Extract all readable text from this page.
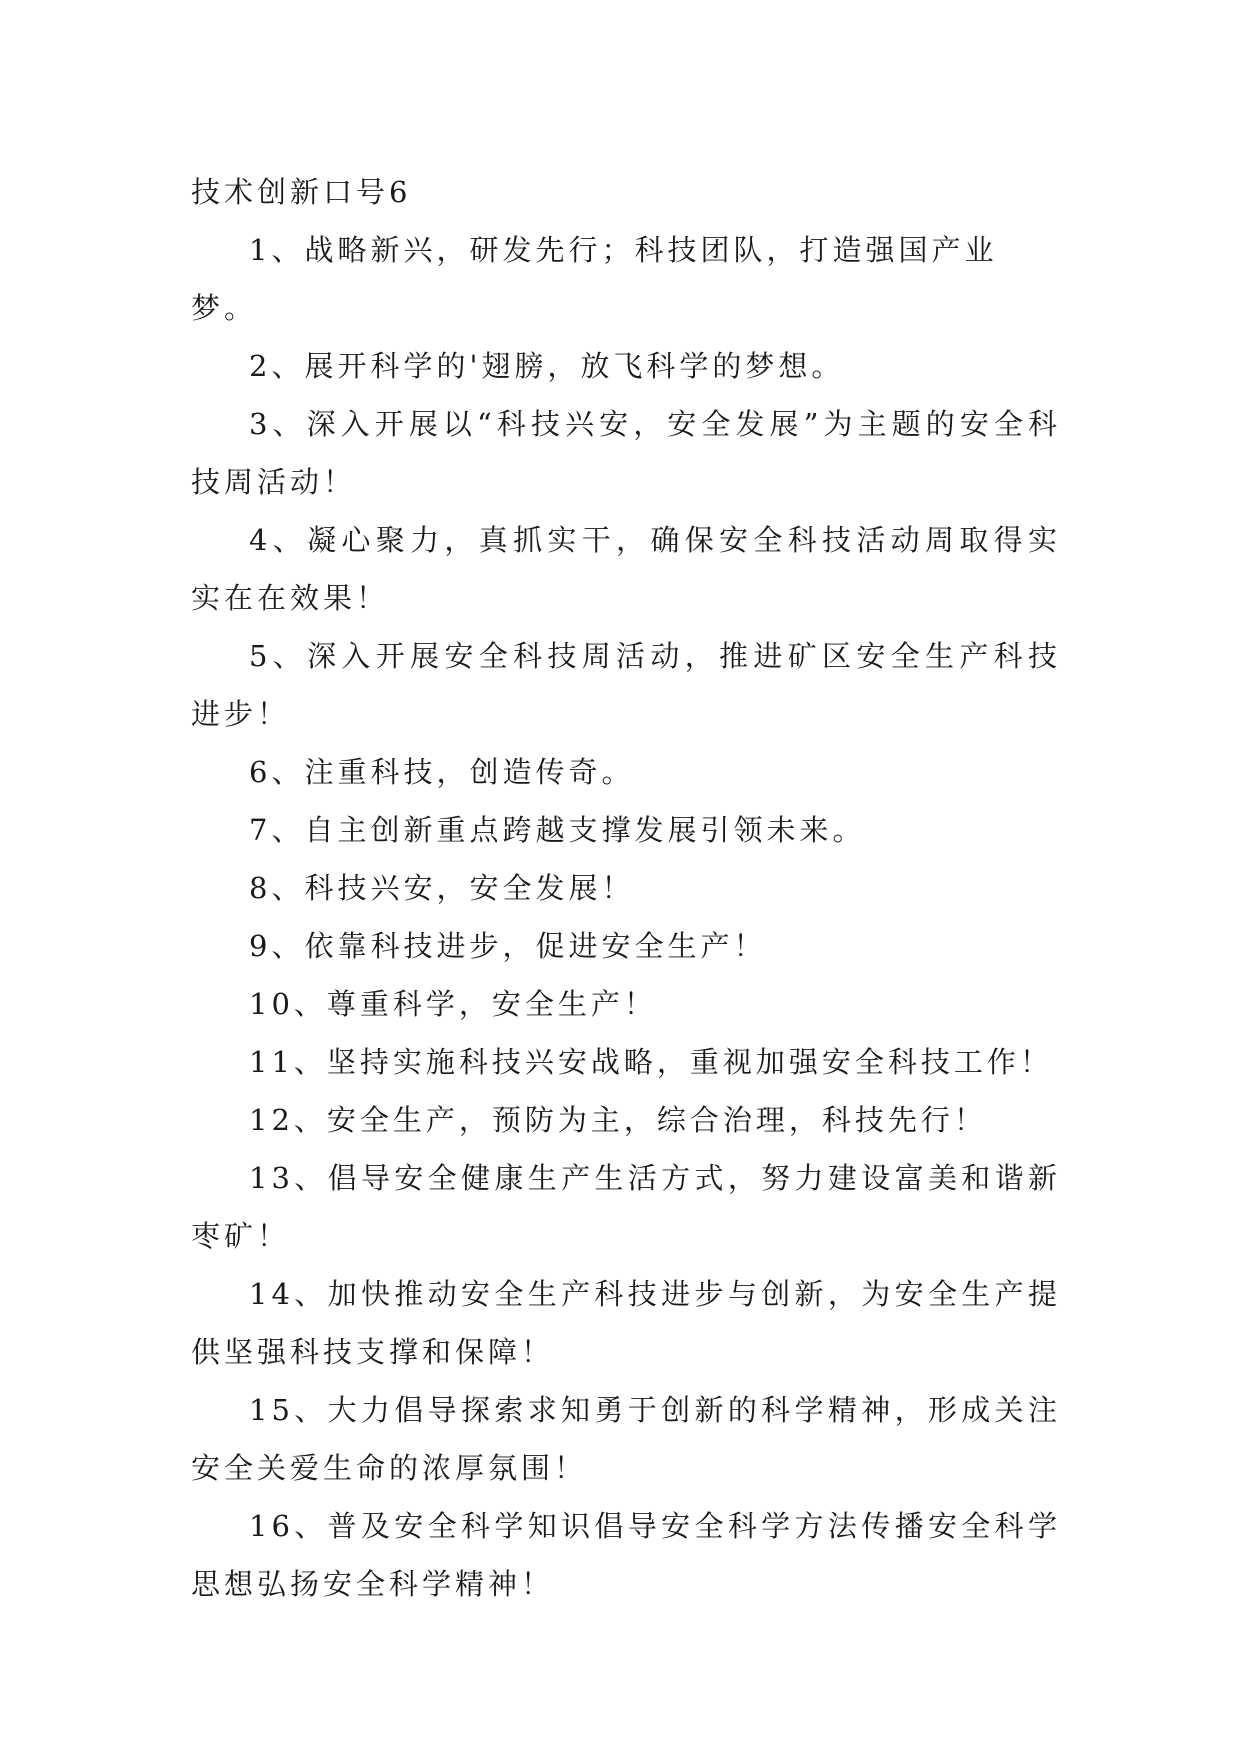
技术创新口号6
1、战略新兴，研发先行；科技团队，打造强国产业梦。
2、展开科学的'翅膀，放飞科学的梦想。
3、深入开展以“科技兴安，安全发展”为主题的安全科技周活动！
4、凝心聚力，真抓实干，确保安全科技活动周取得实实在在效果！
5、深入开展安全科技周活动，推进矿区安全生产科技进步！
6、注重科技，创造传奇。
7、自主创新重点跨越支撑发展引领未来。
8、科技兴安，安全发展！
9、依靠科技进步，促进安全生产！
10、尊重科学，安全生产！
11、坚持实施科技兴安战略，重视加强安全科技工作！
12、安全生产，预防为主，综合治理，科技先行！
13、倡导安全健康生产生活方式，努力建设富美和谐新枣矿！
14、加快推动安全生产科技进步与创新，为安全生产提供坚强科技支撑和保障！
15、大力倡导探索求知勇于创新的科学精神，形成关注安全关爱生命的浓厚氛围！
16、普及安全科学知识倡导安全科学方法传播安全科学思想弘扬安全科学精神！
